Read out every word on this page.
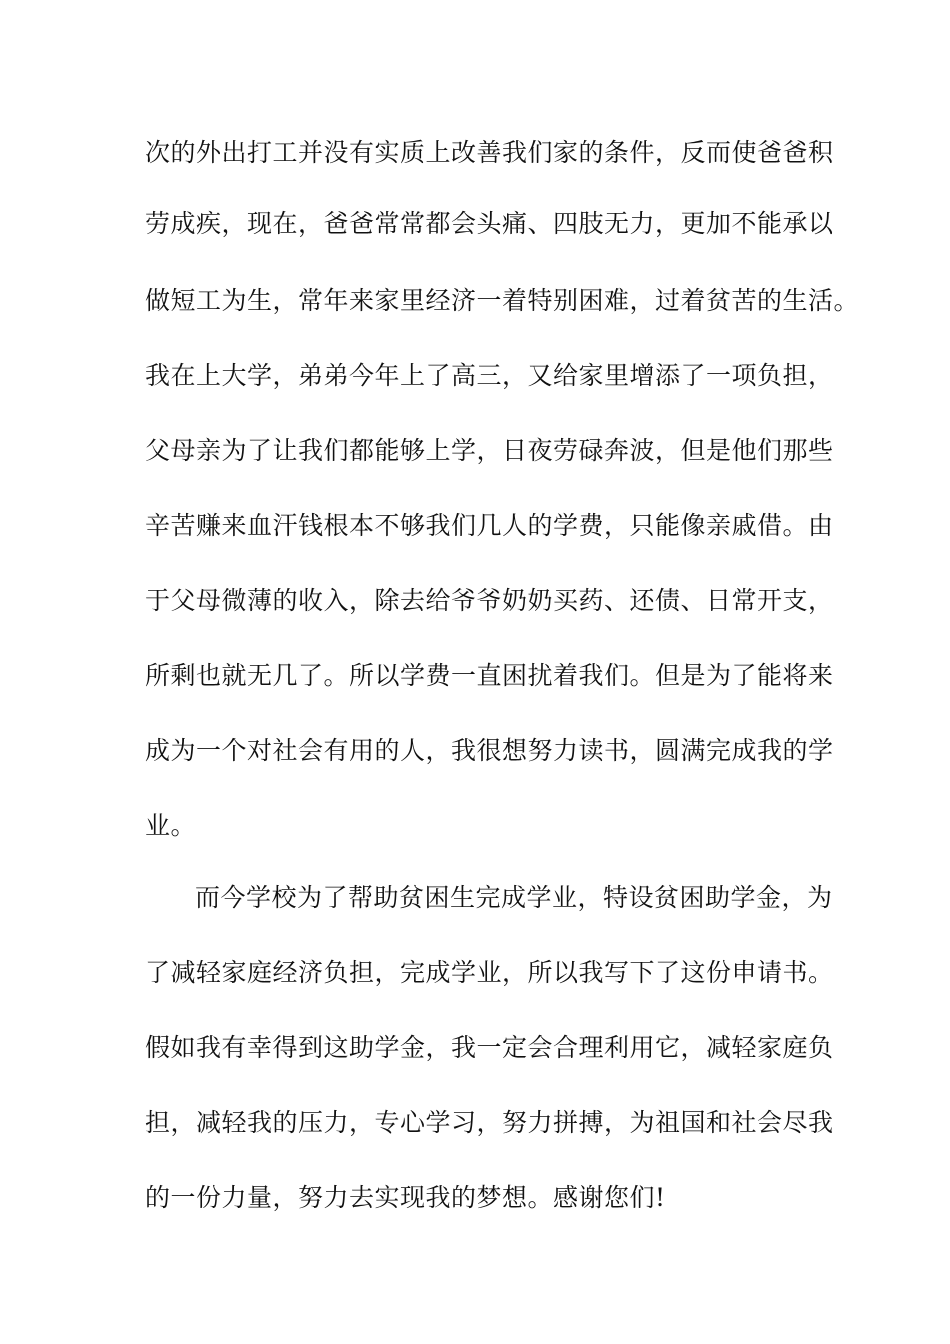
次的外出打工并没有实质上改善我们家的条件，反而使爸爸积
劳成疾，现在，爸爸常常都会头痛、四肢无力，更加不能承以
做短工为生，常年来家里经济一着特别困难，过着贫苦的生活。
我在上大学，弟弟今年上了高三，又给家里增添了一项负担，
父母亲为了让我们都能够上学，日夜劳碌奔波，但是他们那些
辛苦赚来血汗钱根本不够我们几人的学费，只能像亲戚借。由
于父母微薄的收入，除去给爷爷奶奶买药、还债、日常开支，
所剩也就无几了。所以学费一直困扰着我们。但是为了能将来
成为一个对社会有用的人，我很想努力读书，圆满完成我的学
业。
而今学校为了帮助贫困生完成学业，特设贫困助学金，为
了减轻家庭经济负担，完成学业，所以我写下了这份申请书。
假如我有幸得到这助学金，我一定会合理利用它，减轻家庭负
担，减轻我的压力，专心学习，努力拼搏，为祖国和社会尽我
的一份力量，努力去实现我的梦想。感谢您们!
